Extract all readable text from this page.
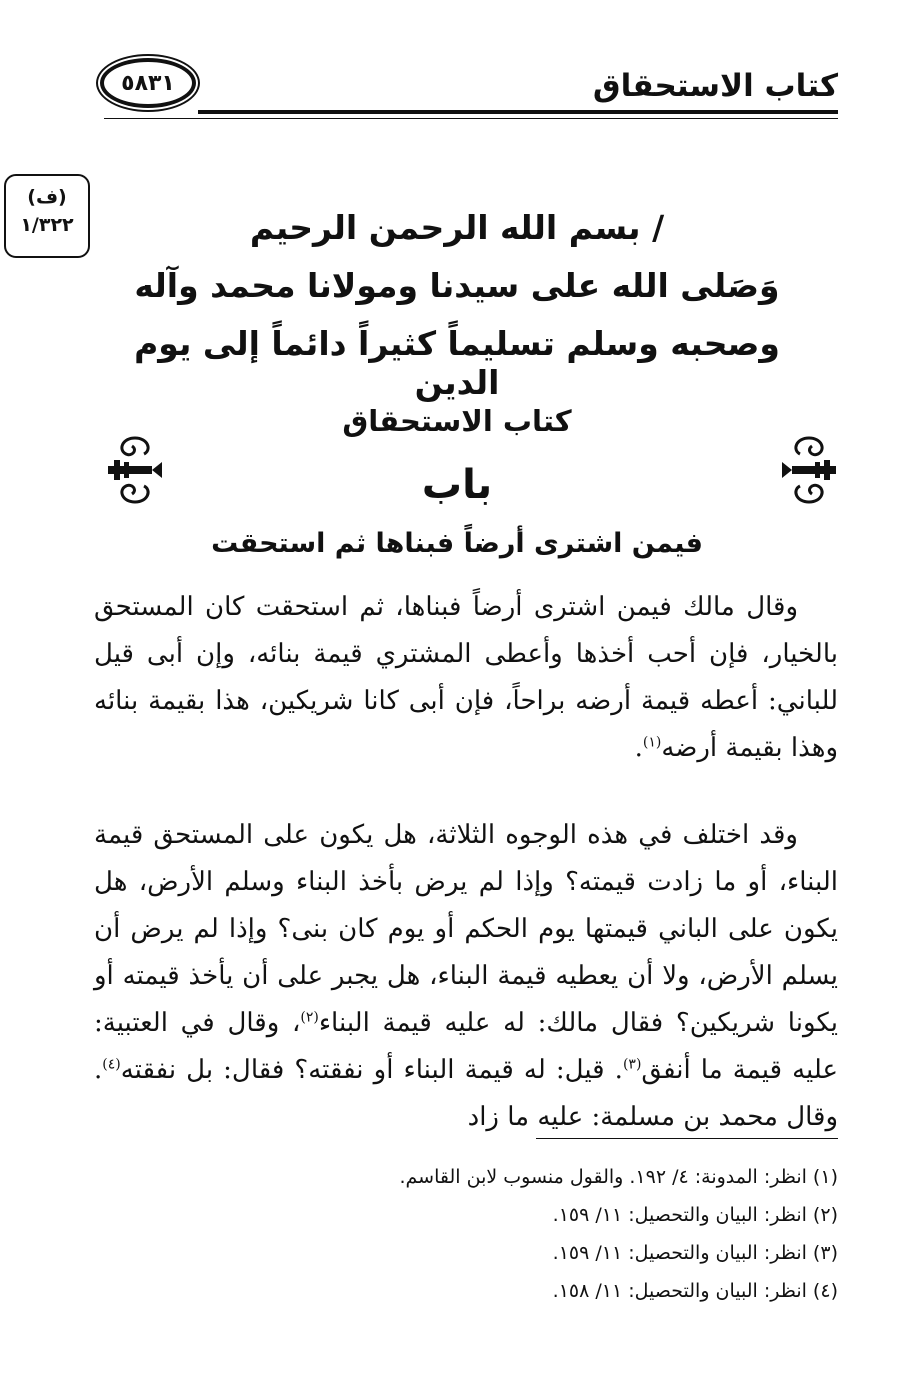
٥٨٣١	كتاب الاستحقاق
(ف)
١/٣٢٢	/ بسم الله الرحمن الرحيم
وَصَلى الله على سيدنا ومولانا محمد وآله
وصحبه وسلم تسليماً كثيراً دائماً إلى يوم الدين
كتاب الاستحقاق
باب
فيمن اشترى أرضاً فبناها ثم استحقت
وقال مالك فيمن اشترى أرضاً فبناها، ثم استحقت كان المستحق بالخيار، فإن أحب أخذها وأعطى المشتري قيمة بنائه، وإن أبى قيل للباني: أعطه قيمة أرضه براحاً، فإن أبى كانا شريكين، هذا بقيمة بنائه وهذا بقيمة أرضه$^{(١)}$.
وقد اختلف في هذه الوجوه الثلاثة، هل يكون على المستحق قيمة البناء، أو ما زادت قيمته؟ وإذا لم يرض بأخذ البناء وسلم الأرض، هل يكون على الباني قيمتها يوم الحكم أو يوم كان بنى؟ وإذا لم يرض أن يسلم الأرض، ولا أن يعطيه قيمة البناء، هل يجبر على أن يأخذ قيمته أو يكونا شريكين؟ فقال مالك: له عليه قيمة البناء$^{(٢)}$، وقال في العتبية: عليه قيمة ما أنفق$^{(٣)}$. قيل: له قيمة البناء أو نفقته؟ فقال: بل نفقته$^{(٤)}$. وقال محمد بن مسلمة: عليه ما زاد
(١) انظر: المدونة: ٤/ ١٩٢. والقول منسوب لابن القاسم.
(٢) انظر: البيان والتحصيل: ١١/ ١٥٩.
(٣) انظر: البيان والتحصيل: ١١/ ١٥٩.
(٤) انظر: البيان والتحصيل: ١١/ ١٥٨.
